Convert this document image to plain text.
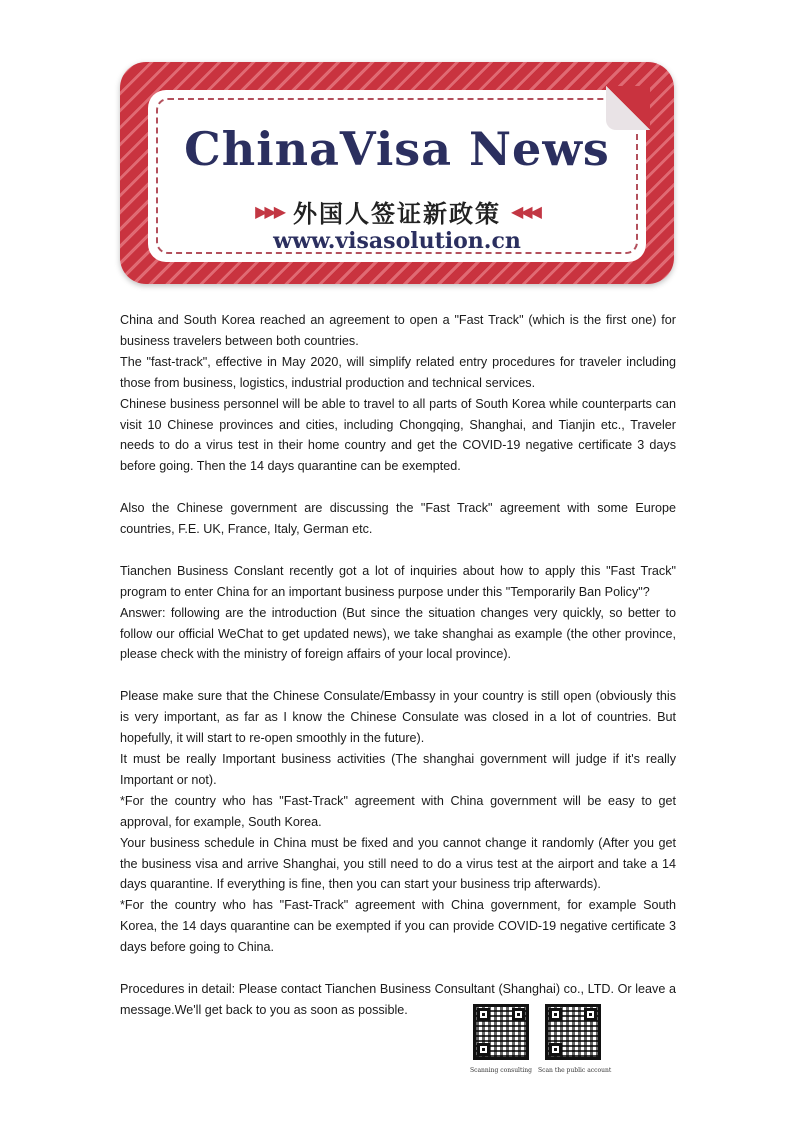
ChinaVisa News
▶▶▶ 外国人签证新政策 ◀◀◀
www.visasolution.cn

China and South Korea reached an agreement to open a "Fast Track" (which is the first one) for business travelers between both countries.

The "fast-track", effective in May 2020, will simplify related entry procedures for traveler including those from business, logistics, industrial production and technical services.

Chinese business personnel will be able to travel to all parts of South Korea while counterparts can visit 10 Chinese provinces and cities, including Chongqing, Shanghai, and Tianjin etc., Traveler needs to do a virus test in their home country and get the COVID-19 negative certificate 3 days before going. Then the 14 days quarantine can be exempted.

Also the Chinese government are discussing the "Fast Track" agreement with some Europe countries, F.E. UK, France, Italy, German etc.

Tianchen Business Conslant recently got a lot of inquiries about how to apply this "Fast Track" program to enter China for an important business purpose under this "Temporarily Ban Policy"?

Answer: following are the introduction (But since the situation changes very quickly, so better to follow our official WeChat to get updated news), we take shanghai as example (the other province, please check with the ministry of foreign affairs of your local province).

Please make sure that the Chinese Consulate/Embassy in your country is still open (obviously this is very important, as far as I know the Chinese Consulate was closed in a lot of countries. But hopefully, it will start to re-open smoothly in the future).

It must be really Important business activities (The shanghai government will judge if it's really Important or not).

*For the country who has "Fast-Track" agreement with China government will be easy to get approval, for example, South Korea.

Your business schedule in China must be fixed and you cannot change it randomly (After you get the business visa and arrive Shanghai, you still need to do a virus test at the airport and take a 14 days quarantine. If everything is fine, then you can start your business trip afterwards).

*For the country who has "Fast-Track" agreement with China government, for example South Korea, the 14 days quarantine can be exempted if you can provide COVID-19 negative certificate 3 days before going to China.

Procedures in detail: Please contact Tianchen Business Consultant (Shanghai) co., LTD. Or leave a message.We'll get back to you as soon as possible.

Scanning consulting Scan the public account
